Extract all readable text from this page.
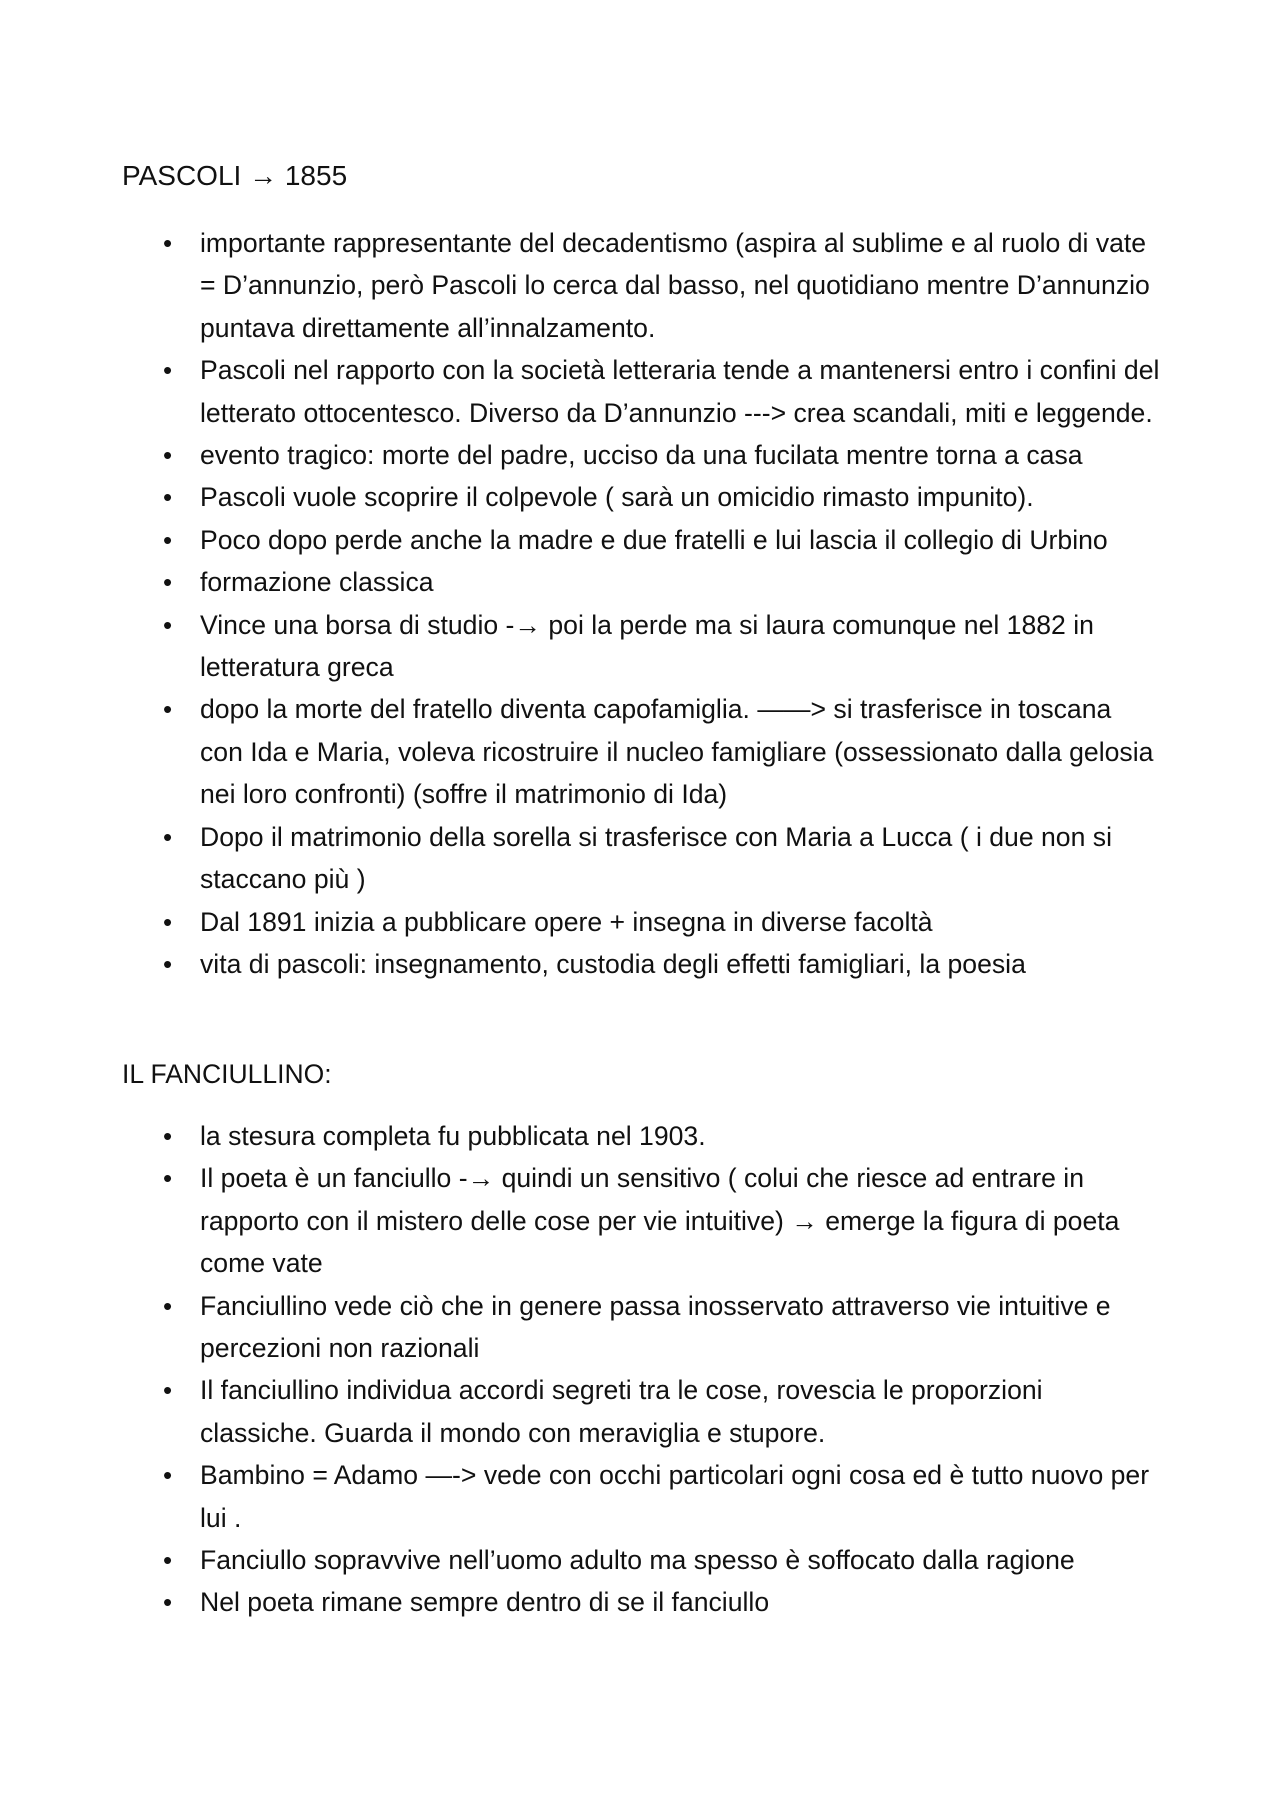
PASCOLI → 1855
• importante rappresentante del decadentismo (aspira al sublime e al ruolo di vate = D’annunzio, però Pascoli lo cerca dal basso, nel quotidiano mentre D’annunzio puntava direttamente all’innalzamento.
• Pascoli nel rapporto con la società letteraria tende a mantenersi entro i confini del letterato ottocentesco. Diverso da D’annunzio ---> crea scandali, miti e leggende.
• evento tragico: morte del padre, ucciso da una fucilata mentre torna a casa
• Pascoli vuole scoprire il colpevole ( sarà un omicidio rimasto impunito).
• Poco dopo perde anche la madre e due fratelli e lui lascia il collegio di Urbino
• formazione classica
• Vince una borsa di studio -→ poi la perde ma si laura comunque nel 1882 in letteratura greca
• dopo la morte del fratello diventa capofamiglia. ——> si trasferisce in toscana con Ida e Maria, voleva ricostruire il nucleo famigliare (ossessionato dalla gelosia nei loro confronti) (soffre il matrimonio di Ida)
• Dopo il matrimonio della sorella si trasferisce con Maria a Lucca ( i due non si staccano più )
• Dal 1891 inizia a pubblicare opere + insegna in diverse facoltà
• vita di pascoli: insegnamento, custodia degli effetti famigliari, la poesia
IL FANCIULLINO:
• la stesura completa fu pubblicata nel 1903.
• Il poeta è un fanciullo -→ quindi un sensitivo ( colui che riesce ad entrare in rapporto con il mistero delle cose per vie intuitive) → emerge la figura di poeta come vate
• Fanciullino vede ciò che in genere passa inosservato attraverso vie intuitive e percezioni non razionali
• Il fanciullino individua accordi segreti tra le cose, rovescia le proporzioni classiche. Guarda il mondo con meraviglia e stupore.
• Bambino = Adamo —-> vede con occhi particolari ogni cosa ed è tutto nuovo per lui .
• Fanciullo sopravvive nell’uomo adulto ma spesso è soffocato dalla ragione
• Nel poeta rimane sempre dentro di se il fanciullo
